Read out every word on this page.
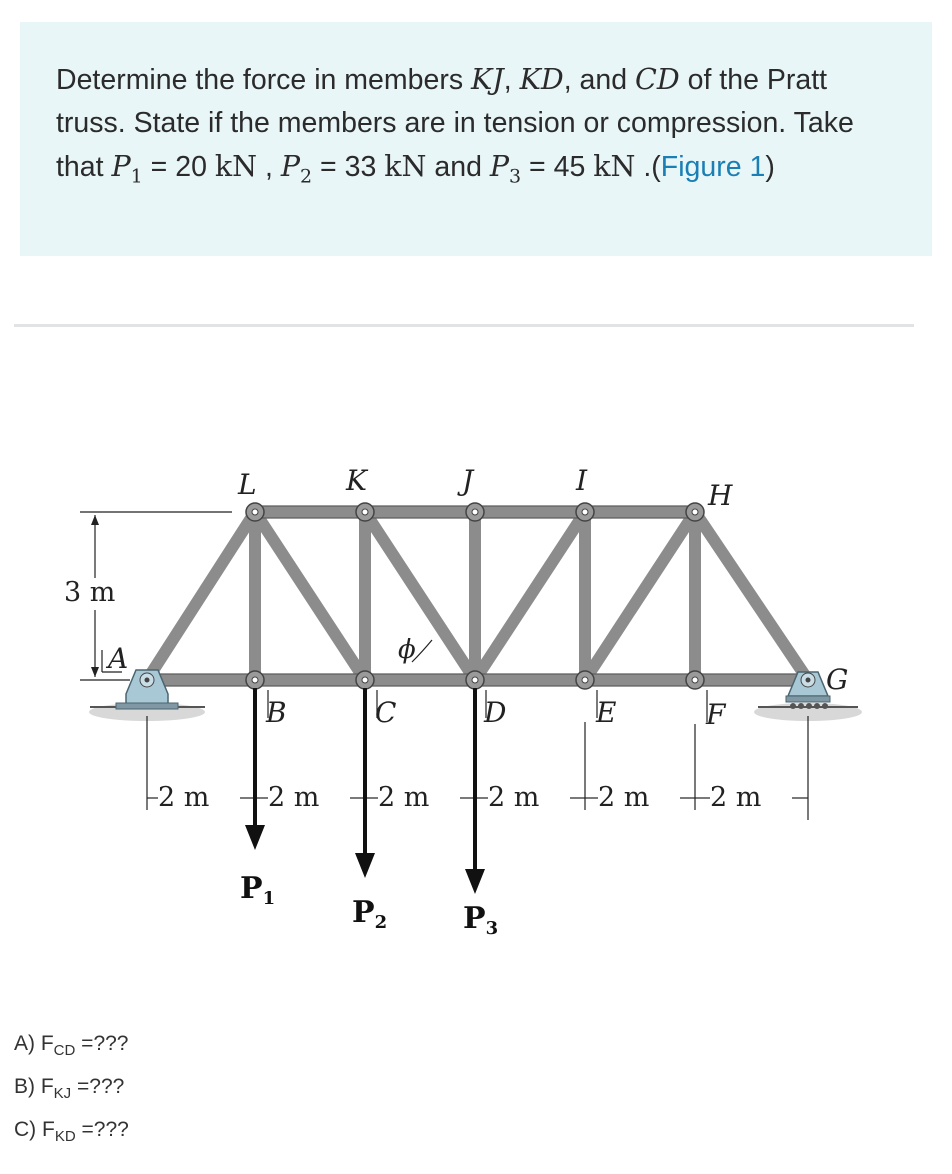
Determine the force in members KJ, KD, and CD of the Pratt truss. State if the members are in tension or compression. Take that $P_1 = 20$ kN , $P_2 = 33$ kN and $P_3 = 45$ kN .(Figure 1)
3 m
L	K	J	I	H
A
B	C	D	E	F
G
ϕ
2 m 2 m 2 m 2 m 2 m 2 m
$P_1$	$P_2$	$P_3$
A) $F_{CD}$ =???
B) $F_{KJ}$ =???
C) $F_{KD}$ =???
